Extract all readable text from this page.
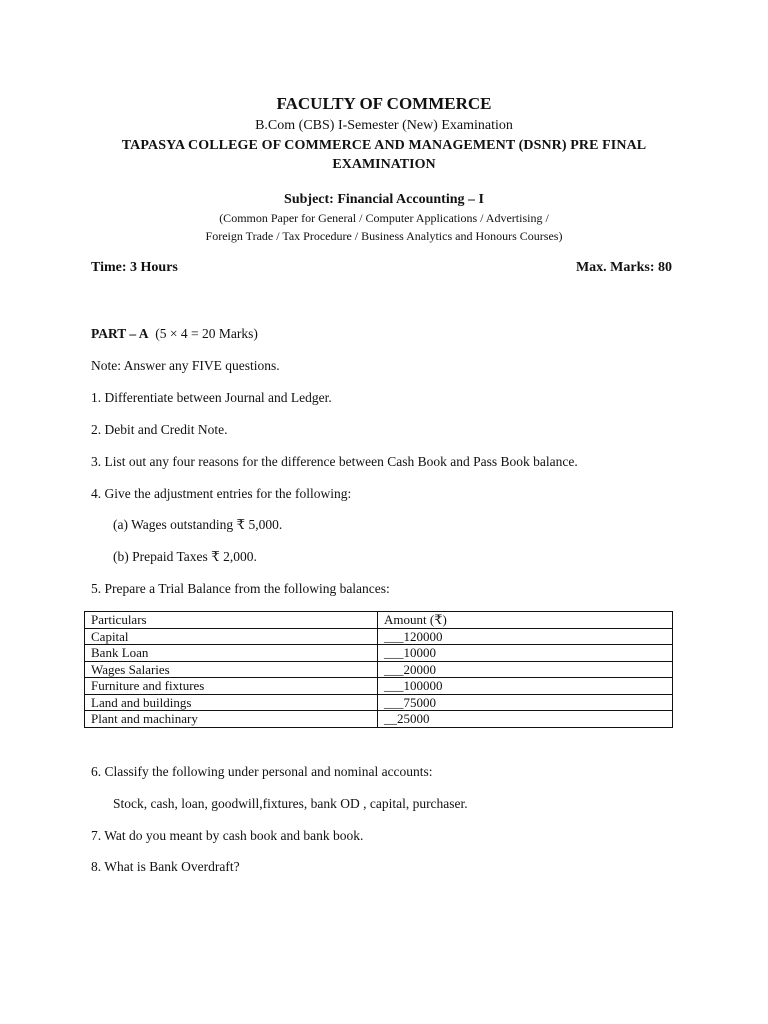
FACULTY OF COMMERCE
B.Com (CBS) I-Semester (New) Examination
TAPASYA COLLEGE OF COMMERCE AND MANAGEMENT (DSNR) PRE FINAL
EXAMINATION
Subject: Financial Accounting – I
(Common Paper for General / Computer Applications / Advertising /
Foreign Trade / Tax Procedure / Business Analytics and Honours Courses)
Time: 3 Hours	Max. Marks: 80
PART – A (5 × 4 = 20 Marks)
Note: Answer any FIVE questions.
1. Differentiate between Journal and Ledger.
2. Debit and Credit Note.
3. List out any four reasons for the difference between Cash Book and Pass Book balance.
4. Give the adjustment entries for the following:
(a) Wages outstanding ₹ 5,000.
(b) Prepaid Taxes ₹ 2,000.
5. Prepare a Trial Balance from the following balances:
Particulars	Amount (₹)
Capital	___120000
Bank Loan	___10000
Wages Salaries	___20000
Furniture and fixtures	___100000
Land and buildings	___75000
Plant and machinary	__25000
6. Classify the following under personal and nominal accounts:
Stock, cash, loan, goodwill,fixtures, bank OD , capital, purchaser.
7. Wat do you meant by cash book and bank book.
8. What is Bank Overdraft?
